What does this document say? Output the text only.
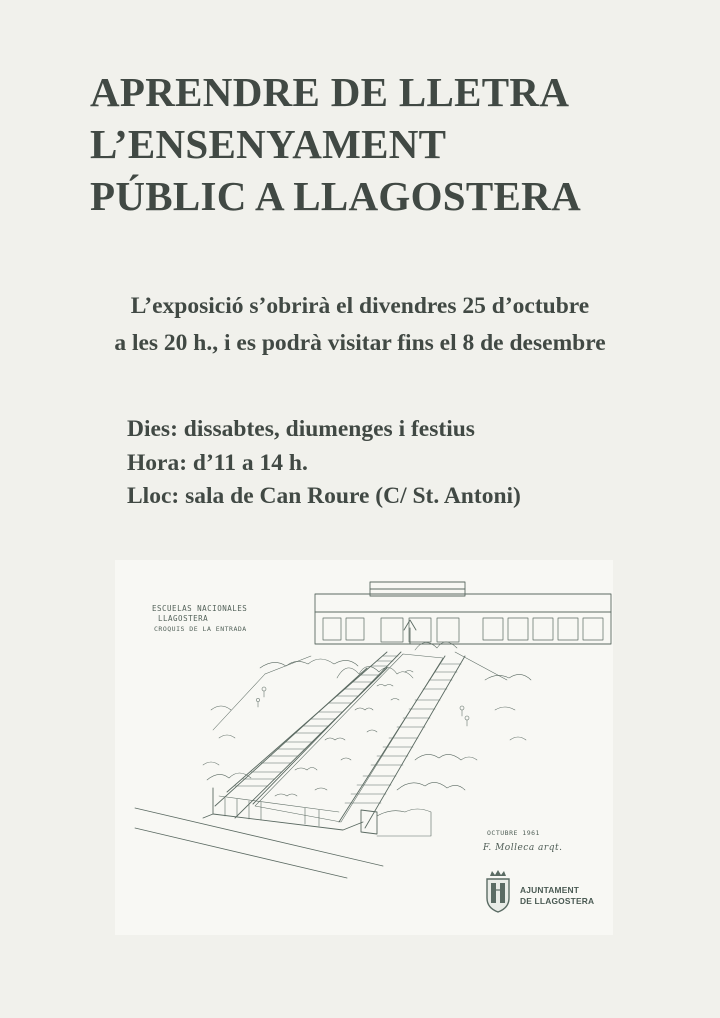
APRENDRE DE LLETRA
L’ENSENYAMENT
PÚBLIC A LLAGOSTERA

L’exposició s’obrirà el divendres 25 d’octubre
a les 20 h., i es podrà visitar fins el 8 de desembre

Dies: dissabtes, diumenges i festius
Hora: d’11 a 14 h.
Lloc: sala de Can Roure (C/ St. Antoni)

ESCUELAS NACIONALES
LLAGOSTERA
CROQUIS DE LA ENTRADA
OCTUBRE 1961
F. Molleca arqt.
AJUNTAMENT
DE LLAGOSTERA
